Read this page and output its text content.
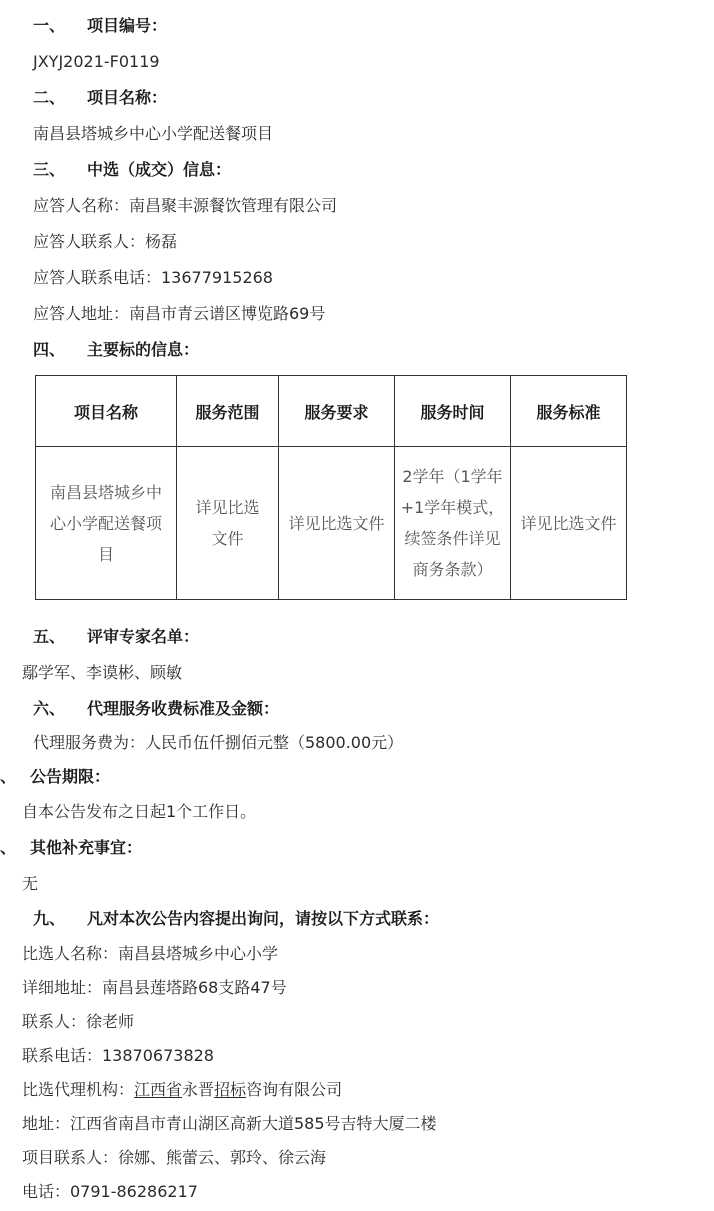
一、 项目编号：
JXYJ2021-F0119
二、 项目名称：
南昌县塔城乡中心小学配送餐项目
三、 中选（成交）信息：
应答人名称：南昌聚丰源餐饮管理有限公司
应答人联系人：杨磊
应答人联系电话：13677915268
应答人地址：南昌市青云谱区博览路69号
四、 主要标的信息：
项目名称	服务范围	服务要求	服务时间	服务标准
南昌县塔城乡中心小学配送餐项目	详见比选文件	详见比选文件	2学年（1学年+1学年模式，续签条件详见商务条款）	详见比选文件
五、 评审专家名单：
鄢学军、李谟彬、顾敏
六、 代理服务收费标准及金额：
代理服务费为：人民币伍仟捌佰元整（5800.00元）
、 公告期限：
自本公告发布之日起1个工作日。
、 其他补充事宜：
无
九、 凡对本次公告内容提出询问，请按以下方式联系：
比选人名称：南昌县塔城乡中心小学
详细地址：南昌县莲塔路68支路47号
联系人：徐老师
联系电话：13870673828
比选代理机构：江西省永晋招标咨询有限公司
地址：江西省南昌市青山湖区高新大道585号吉特大厦二楼
项目联系人：徐娜、熊蕾云、郭玲、徐云海
电话：0791-86286217
